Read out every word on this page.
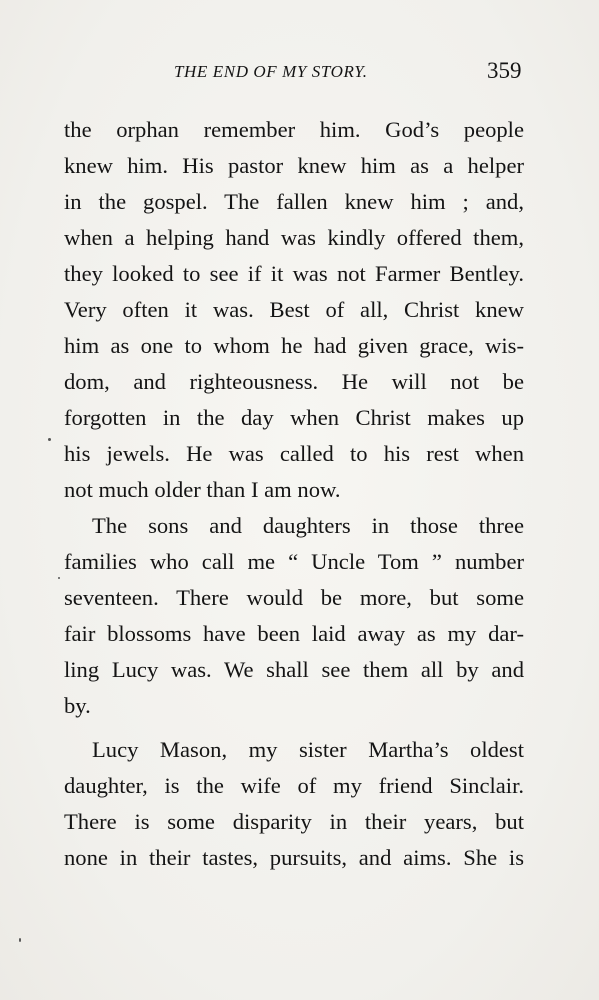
THE END OF MY STORY.	359
the orphan remember him. God’s people
knew him. His pastor knew him as a helper
in the gospel. The fallen knew him ; and,
when a helping hand was kindly offered them,
they looked to see if it was not Farmer Bentley.
Very often it was. Best of all, Christ knew
him as one to whom he had given grace, wis-
dom, and righteousness. He will not be
forgotten in the day when Christ makes up
his jewels. He was called to his rest when
not much older than I am now.
The sons and daughters in those three
families who call me “ Uncle Tom ” number
seventeen. There would be more, but some
fair blossoms have been laid away as my dar-
ling Lucy was. We shall see them all by and
by.
Lucy Mason, my sister Martha’s oldest
daughter, is the wife of my friend Sinclair.
There is some disparity in their years, but
none in their tastes, pursuits, and aims. She is
